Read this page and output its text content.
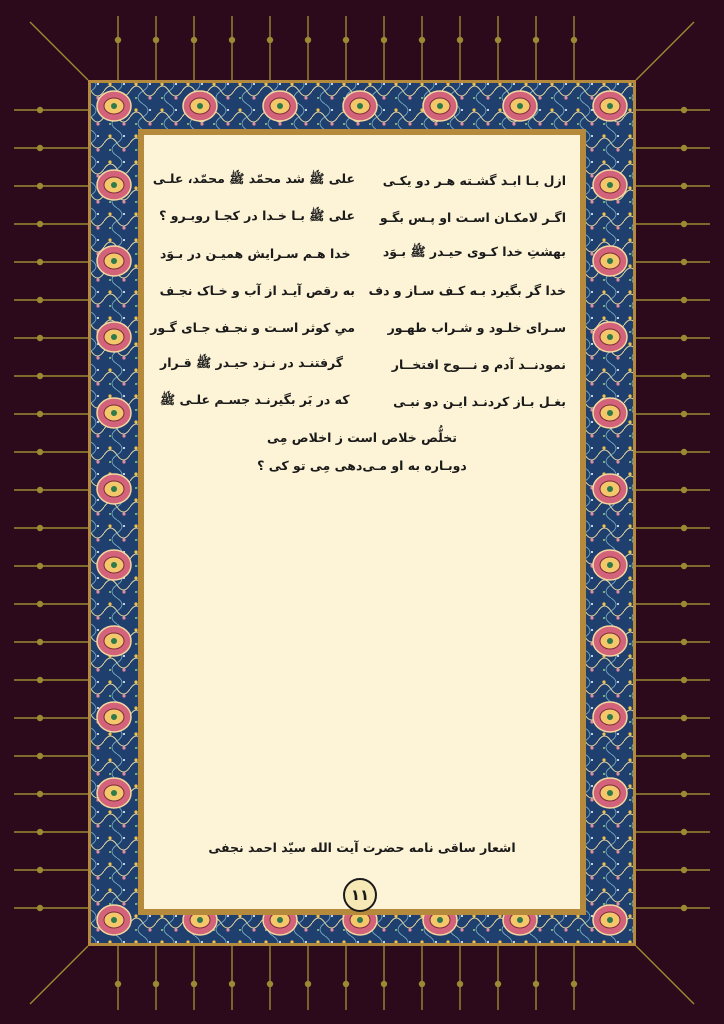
ازل بـا ابـد گشـته هـر دو یکـی
علی ﷺ شد محمّد ﷺ محمّد، علـی
اگـر لامکـان اسـت او پـس بگـو
علی ﷺ بـا خـدا در کجـا روبـرو ؟
بهشتِ خدا کـوی حیـدر ﷺ بـوَد
خدا هـم سـرایش همیـن در بـوَد
خدا گر بگیرد بـه کـف سـاز و دف
به رقص آیـد از آب و خـاک نجـف
سـرای خلـود و شـراب طهـور
میِ کوثر اسـت و نجـف جـای گـور
نمودنــد آدم و نـــوح افتخــار
گرفتنـد در نـزد حیـدر ﷺ قـرار
بغـل بـاز کردنـد ایـن دو نبـی
که در بَر بگیرنـد جسـم علـی ﷺ
تخلُّص خلاص است ز اخلاص مِی
دوبـاره به او مـی‌دهی مِی تو کی ؟
اشعار ساقی نامه حضرت آیت الله سیّد احمد نجفی
۱۱
